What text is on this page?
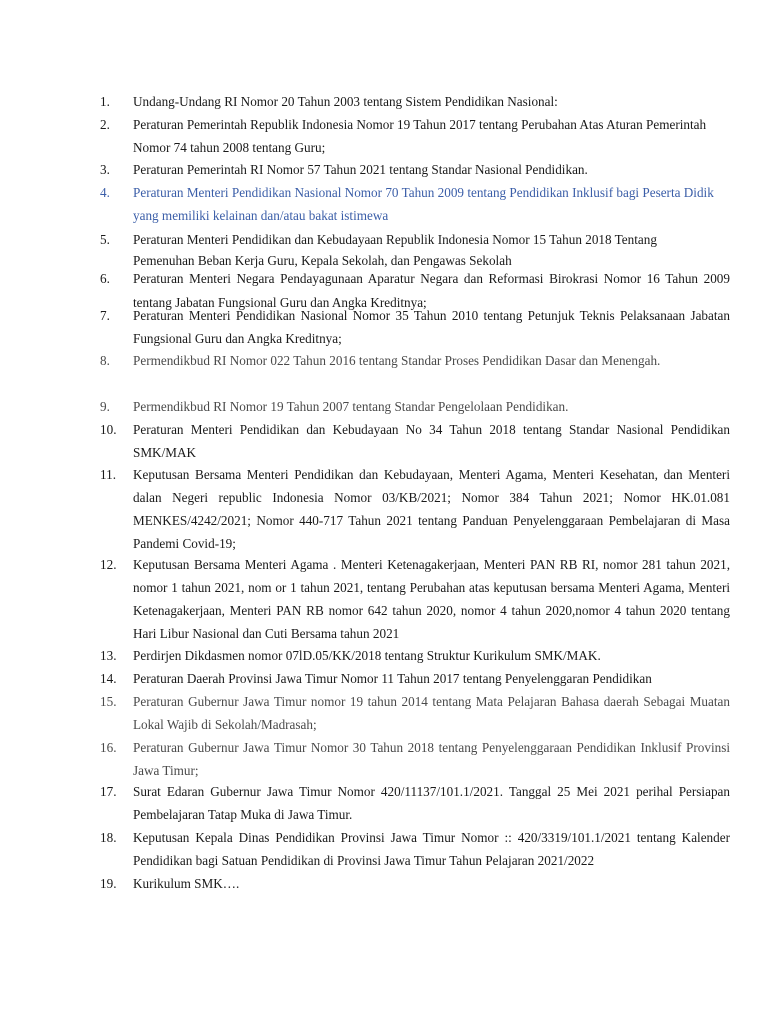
1.	Undang-Undang RI Nomor 20 Tahun 2003 tentang Sistem Pendidikan Nasional:
2.	Peraturan Pemerintah Republik Indonesia Nomor 19 Tahun 2017 tentang Perubahan Atas Aturan Pemerintah Nomor 74 tahun 2008 tentang Guru;
3.	Peraturan Pemerintah RI Nomor 57 Tahun 2021 tentang Standar Nasional Pendidikan.
4.	Peraturan Menteri Pendidikan Nasional Nomor 70 Tahun 2009 tentang Pendidikan Inklusif bagi Peserta Didik yang memiliki kelainan dan/atau bakat istimewa
5.	Peraturan Menteri Pendidikan dan Kebudayaan Republik Indonesia Nomor 15 Tahun 2018 Tentang Pemenuhan Beban Kerja Guru, Kepala Sekolah, dan Pengawas Sekolah
6.	Peraturan Menteri Negara Pendayagunaan Aparatur Negara dan Reformasi Birokrasi Nomor 16 Tahun 2009 tentang Jabatan Fungsional Guru dan Angka Kreditnya;
7.	Peraturan Menteri Pendidikan Nasional Nomor 35 Tahun 2010 tentang Petunjuk Teknis Pelaksanaan Jabatan Fungsional Guru dan Angka Kreditnya;
8.	Permendikbud RI Nomor 022 Tahun 2016 tentang Standar Proses Pendidikan Dasar dan Menengah.
9.	Permendikbud RI Nomor 19 Tahun 2007 tentang Standar Pengelolaan Pendidikan.
10.	Peraturan Menteri Pendidikan dan Kebudayaan No 34 Tahun 2018 tentang Standar Nasional Pendidikan SMK/MAK
11.	Keputusan Bersama Menteri Pendidikan dan Kebudayaan, Menteri Agama, Menteri Kesehatan, dan Menteri dalan Negeri republic Indonesia Nomor 03/KB/2021; Nomor 384 Tahun 2021; Nomor HK.01.081 MENKES/4242/2021; Nomor 440-717 Tahun 2021 tentang Panduan Penyelenggaraan Pembelajaran di Masa Pandemi Covid-19;
12.	Keputusan Bersama Menteri Agama . Menteri Ketenagakerjaan, Menteri PAN RB RI, nomor 281 tahun 2021, nomor 1 tahun 2021, nom or 1 tahun 2021, tentang Perubahan atas keputusan bersama Menteri Agama, Menteri Ketenagakerjaan, Menteri PAN RB nomor 642 tahun 2020, nomor 4 tahun 2020,nomor 4 tahun 2020 tentang Hari Libur Nasional dan Cuti Bersama tahun 2021
13.	Perdirjen Dikdasmen nomor 07lD.05/KK/2018 tentang Struktur Kurikulum SMK/MAK.
14.	Peraturan Daerah Provinsi Jawa Timur Nomor 11 Tahun 2017 tentang Penyelenggaran Pendidikan
15.	Peraturan Gubernur Jawa Timur nomor 19 tahun 2014 tentang Mata Pelajaran Bahasa daerah Sebagai Muatan Lokal Wajib di Sekolah/Madrasah;
16.	Peraturan Gubernur Jawa Timur Nomor 30 Tahun 2018 tentang Penyelenggaraan Pendidikan Inklusif Provinsi Jawa Timur;
17.	Surat Edaran Gubernur Jawa Timur Nomor 420/11137/101.1/2021. Tanggal 25 Mei 2021 perihal Persiapan Pembelajaran Tatap Muka di Jawa Timur.
18.	Keputusan Kepala Dinas Pendidikan Provinsi Jawa Timur Nomor :: 420/3319/101.1/2021 tentang Kalender Pendidikan bagi Satuan Pendidikan di Provinsi Jawa Timur Tahun Pelajaran 2021/2022
19.	Kurikulum SMK….
